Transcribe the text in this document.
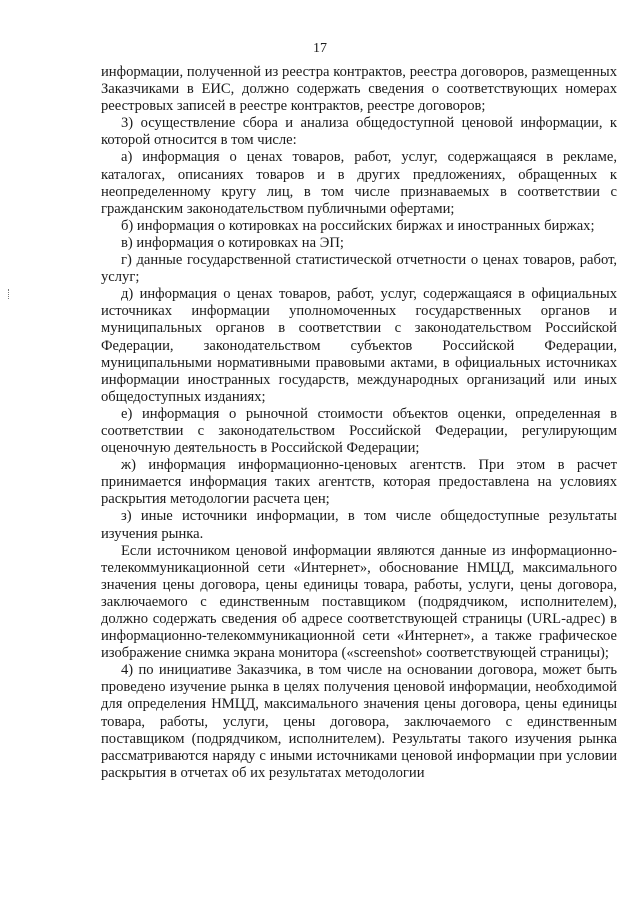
17

информации, полученной из реестра контрактов, реестра договоров, размещенных Заказчиками в ЕИС, должно содержать сведения о соответствующих номерах реестровых записей в реестре контрактов, реестре договоров;

3) осуществление сбора и анализа общедоступной ценовой информации, к которой относится в том числе:

а) информация о ценах товаров, работ, услуг, содержащаяся в рекламе, каталогах, описаниях товаров и в других предложениях, обращенных к неопределенному кругу лиц, в том числе признаваемых в соответствии с гражданским законодательством публичными офертами;

б) информация о котировках на российских биржах и иностранных биржах;

в) информация о котировках на ЭП;

г) данные государственной статистической отчетности о ценах товаров, работ, услуг;

д) информация о ценах товаров, работ, услуг, содержащаяся в официальных источниках информации уполномоченных государственных органов и муниципальных органов в соответствии с законодательством Российской Федерации, законодательством субъектов Российской Федерации, муниципальными нормативными правовыми актами, в официальных источниках информации иностранных государств, международных организаций или иных общедоступных изданиях;

е) информация о рыночной стоимости объектов оценки, определенная в соответствии с законодательством Российской Федерации, регулирующим оценочную деятельность в Российской Федерации;

ж) информация информационно-ценовых агентств. При этом в расчет принимается информация таких агентств, которая предоставлена на условиях раскрытия методологии расчета цен;

з) иные источники информации, в том числе общедоступные результаты изучения рынка.

Если источником ценовой информации являются данные из информационно-телекоммуникационной сети «Интернет», обоснование НМЦД, максимального значения цены договора, цены единицы товара, работы, услуги, цены договора, заключаемого с единственным поставщиком (подрядчиком, исполнителем), должно содержать сведения об адресе соответствующей страницы (URL-адрес) в информационно-телекоммуникационной сети «Интернет», а также графическое изображение снимка экрана монитора («screenshot» соответствующей страницы);

4) по инициативе Заказчика, в том числе на основании договора, может быть проведено изучение рынка в целях получения ценовой информации, необходимой для определения НМЦД, максимального значения цены договора, цены единицы товара, работы, услуги, цены договора, заключаемого с единственным поставщиком (подрядчиком, исполнителем). Результаты такого изучения рынка рассматриваются наряду с иными источниками ценовой информации при условии раскрытия в отчетах об их результатах методологии
